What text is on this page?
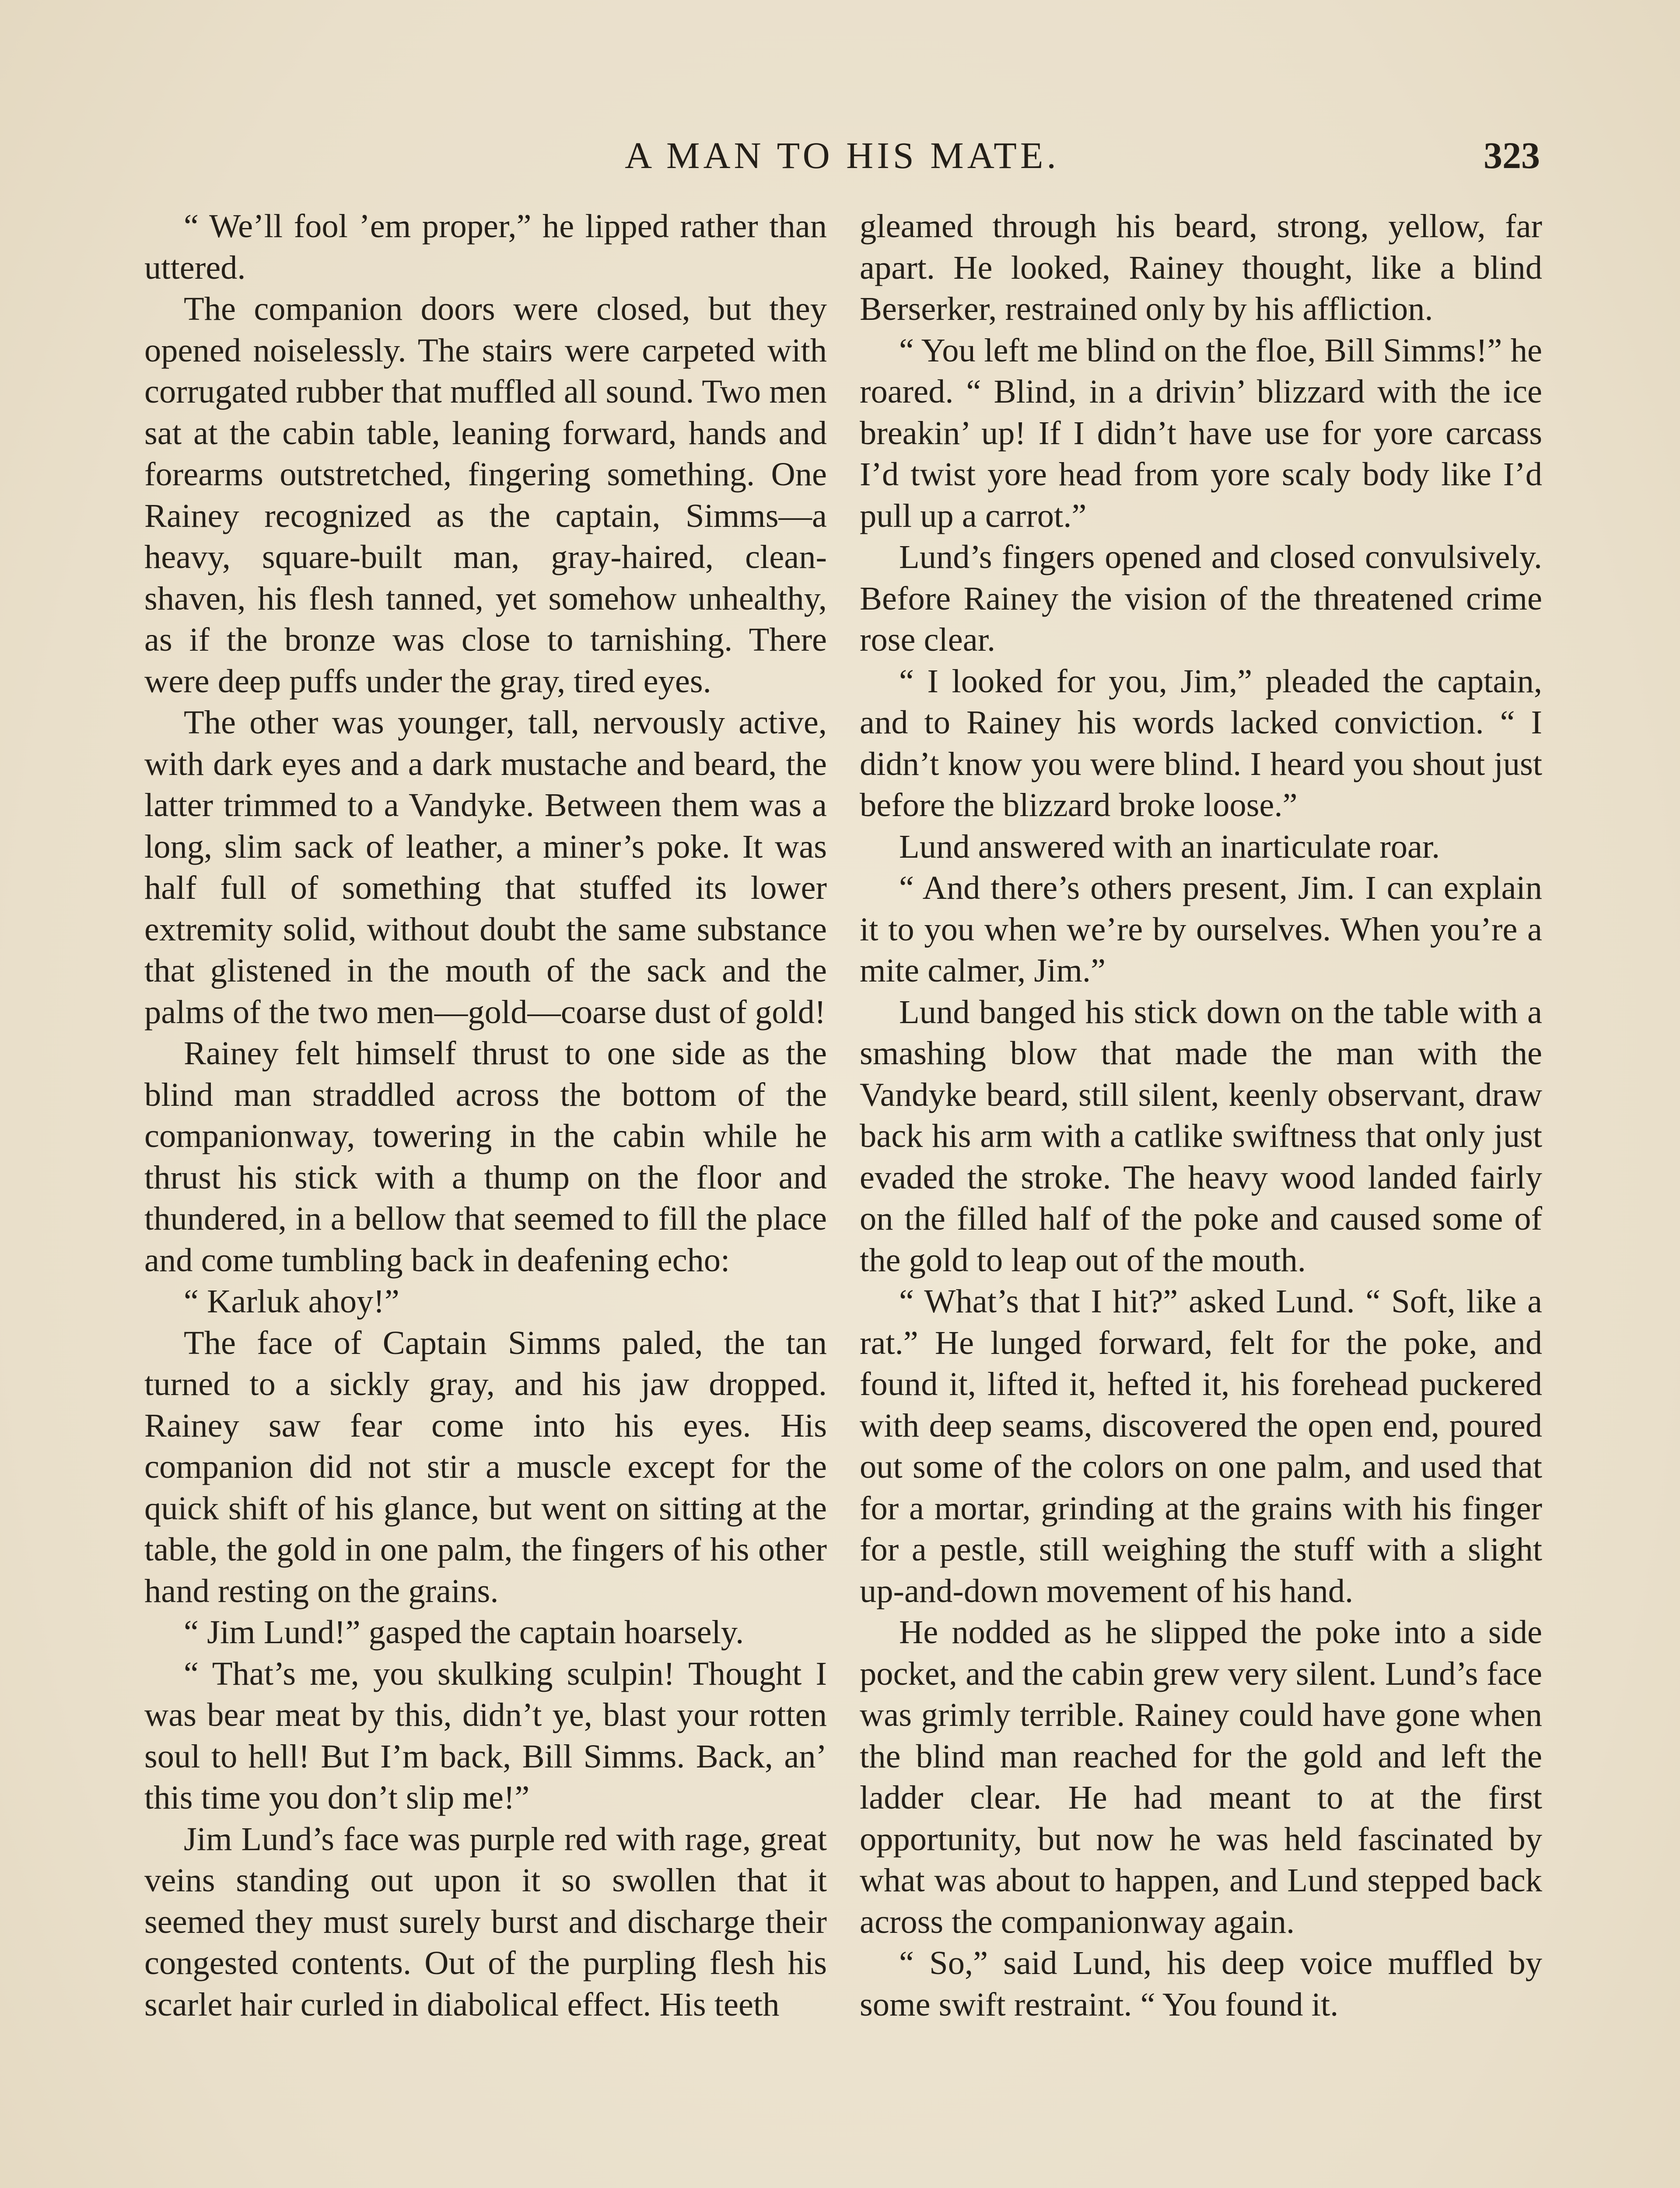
A MAN TO HIS MATE.	323

“ We’ll fool ’em proper,” he lipped rather than uttered.

The companion doors were closed, but they opened noiselessly. The stairs were carpeted with corrugated rubber that muffled all sound. Two men sat at the cabin table, leaning forward, hands and forearms outstretched, fingering something. One Rainey recognized as the captain, Simms—a heavy, square-built man, gray-haired, clean-shaven, his flesh tanned, yet somehow unhealthy, as if the bronze was close to tarnishing. There were deep puffs under the gray, tired eyes.

The other was younger, tall, nervously active, with dark eyes and a dark mustache and beard, the latter trimmed to a Vandyke. Between them was a long, slim sack of leather, a miner’s poke. It was half full of something that stuffed its lower extremity solid, without doubt the same substance that glistened in the mouth of the sack and the palms of the two men—gold—coarse dust of gold!

Rainey felt himself thrust to one side as the blind man straddled across the bottom of the companionway, towering in the cabin while he thrust his stick with a thump on the floor and thundered, in a bellow that seemed to fill the place and come tumbling back in deafening echo:

“ Karluk ahoy!”

The face of Captain Simms paled, the tan turned to a sickly gray, and his jaw dropped. Rainey saw fear come into his eyes. His companion did not stir a muscle except for the quick shift of his glance, but went on sitting at the table, the gold in one palm, the fingers of his other hand resting on the grains.

“ Jim Lund!” gasped the captain hoarsely.

“ That’s me, you skulking sculpin! Thought I was bear meat by this, didn’t ye, blast your rotten soul to hell! But I’m back, Bill Simms. Back, an’ this time you don’t slip me!”

Jim Lund’s face was purple red with rage, great veins standing out upon it so swollen that it seemed they must surely burst and discharge their congested contents. Out of the purpling flesh his scarlet hair curled in diabolical effect. His teeth

gleamed through his beard, strong, yellow, far apart. He looked, Rainey thought, like a blind Berserker, restrained only by his affliction.

“ You left me blind on the floe, Bill Simms!” he roared. “ Blind, in a drivin’ blizzard with the ice breakin’ up! If I didn’t have use for yore carcass I’d twist yore head from yore scaly body like I’d pull up a carrot.”

Lund’s fingers opened and closed convulsively. Before Rainey the vision of the threatened crime rose clear.

“ I looked for you, Jim,” pleaded the captain, and to Rainey his words lacked conviction. “ I didn’t know you were blind. I heard you shout just before the blizzard broke loose.”

Lund answered with an inarticulate roar.

“ And there’s others present, Jim. I can explain it to you when we’re by ourselves. When you’re a mite calmer, Jim.”

Lund banged his stick down on the table with a smashing blow that made the man with the Vandyke beard, still silent, keenly observant, draw back his arm with a catlike swiftness that only just evaded the stroke. The heavy wood landed fairly on the filled half of the poke and caused some of the gold to leap out of the mouth.

“ What’s that I hit?” asked Lund. “ Soft, like a rat.” He lunged forward, felt for the poke, and found it, lifted it, hefted it, his forehead puckered with deep seams, discovered the open end, poured out some of the colors on one palm, and used that for a mortar, grinding at the grains with his finger for a pestle, still weighing the stuff with a slight up-and-down movement of his hand.

He nodded as he slipped the poke into a side pocket, and the cabin grew very silent. Lund’s face was grimly terrible. Rainey could have gone when the blind man reached for the gold and left the ladder clear. He had meant to at the first opportunity, but now he was held fascinated by what was about to happen, and Lund stepped back across the companionway again.

“ So,” said Lund, his deep voice muffled by some swift restraint. “ You found it.
